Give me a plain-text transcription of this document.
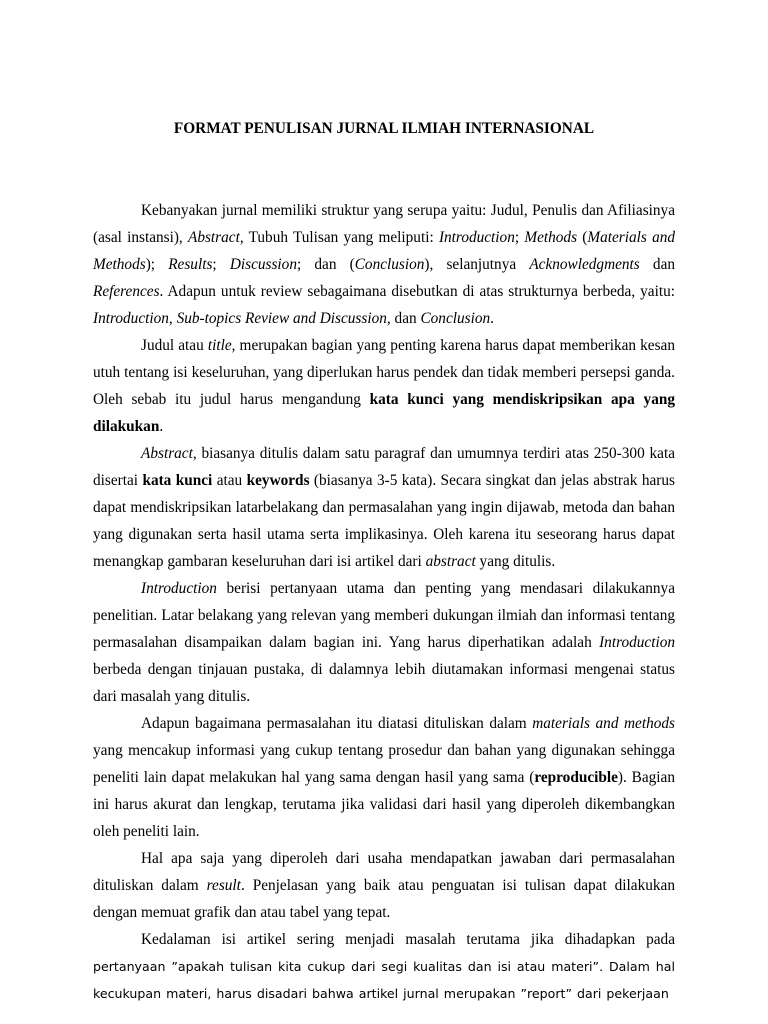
FORMAT PENULISAN JURNAL ILMIAH INTERNASIONAL

Kebanyakan jurnal memiliki struktur yang serupa yaitu: Judul, Penulis dan Afiliasinya (asal instansi), Abstract, Tubuh Tulisan yang meliputi: Introduction; Methods (Materials and Methods); Results; Discussion; dan (Conclusion), selanjutnya Acknowledgments dan References. Adapun untuk review sebagaimana disebutkan di atas strukturnya berbeda, yaitu: Introduction, Sub-topics Review and Discussion, dan Conclusion.

Judul atau title, merupakan bagian yang penting karena harus dapat memberikan kesan utuh tentang isi keseluruhan, yang diperlukan harus pendek dan tidak memberi persepsi ganda. Oleh sebab itu judul harus mengandung kata kunci yang mendiskripsikan apa yang dilakukan.

Abstract, biasanya ditulis dalam satu paragraf dan umumnya terdiri atas 250-300 kata disertai kata kunci atau keywords (biasanya 3-5 kata). Secara singkat dan jelas abstrak harus dapat mendiskripsikan latarbelakang dan permasalahan yang ingin dijawab, metoda dan bahan yang digunakan serta hasil utama serta implikasinya. Oleh karena itu seseorang harus dapat menangkap gambaran keseluruhan dari isi artikel dari abstract yang ditulis.

Introduction berisi pertanyaan utama dan penting yang mendasari dilakukannya penelitian. Latar belakang yang relevan yang memberi dukungan ilmiah dan informasi tentang permasalahan disampaikan dalam bagian ini. Yang harus diperhatikan adalah Introduction berbeda dengan tinjauan pustaka, di dalamnya lebih diutamakan informasi mengenai status dari masalah yang ditulis.

Adapun bagaimana permasalahan itu diatasi dituliskan dalam materials and methods yang mencakup informasi yang cukup tentang prosedur dan bahan yang digunakan sehingga peneliti lain dapat melakukan hal yang sama dengan hasil yang sama (reproducible). Bagian ini harus akurat dan lengkap, terutama jika validasi dari hasil yang diperoleh dikembangkan oleh peneliti lain.

Hal apa saja yang diperoleh dari usaha mendapatkan jawaban dari permasalahan dituliskan dalam result. Penjelasan yang baik atau penguatan isi tulisan dapat dilakukan dengan memuat grafik dan atau tabel yang tepat.

Kedalaman isi artikel sering menjadi masalah terutama jika dihadapkan pada pertanyaan ”apakah tulisan kita cukup dari segi kualitas dan isi atau materi”. Dalam hal kecukupan materi, harus disadari bahwa artikel jurnal merupakan ”report” dari pekerjaan
